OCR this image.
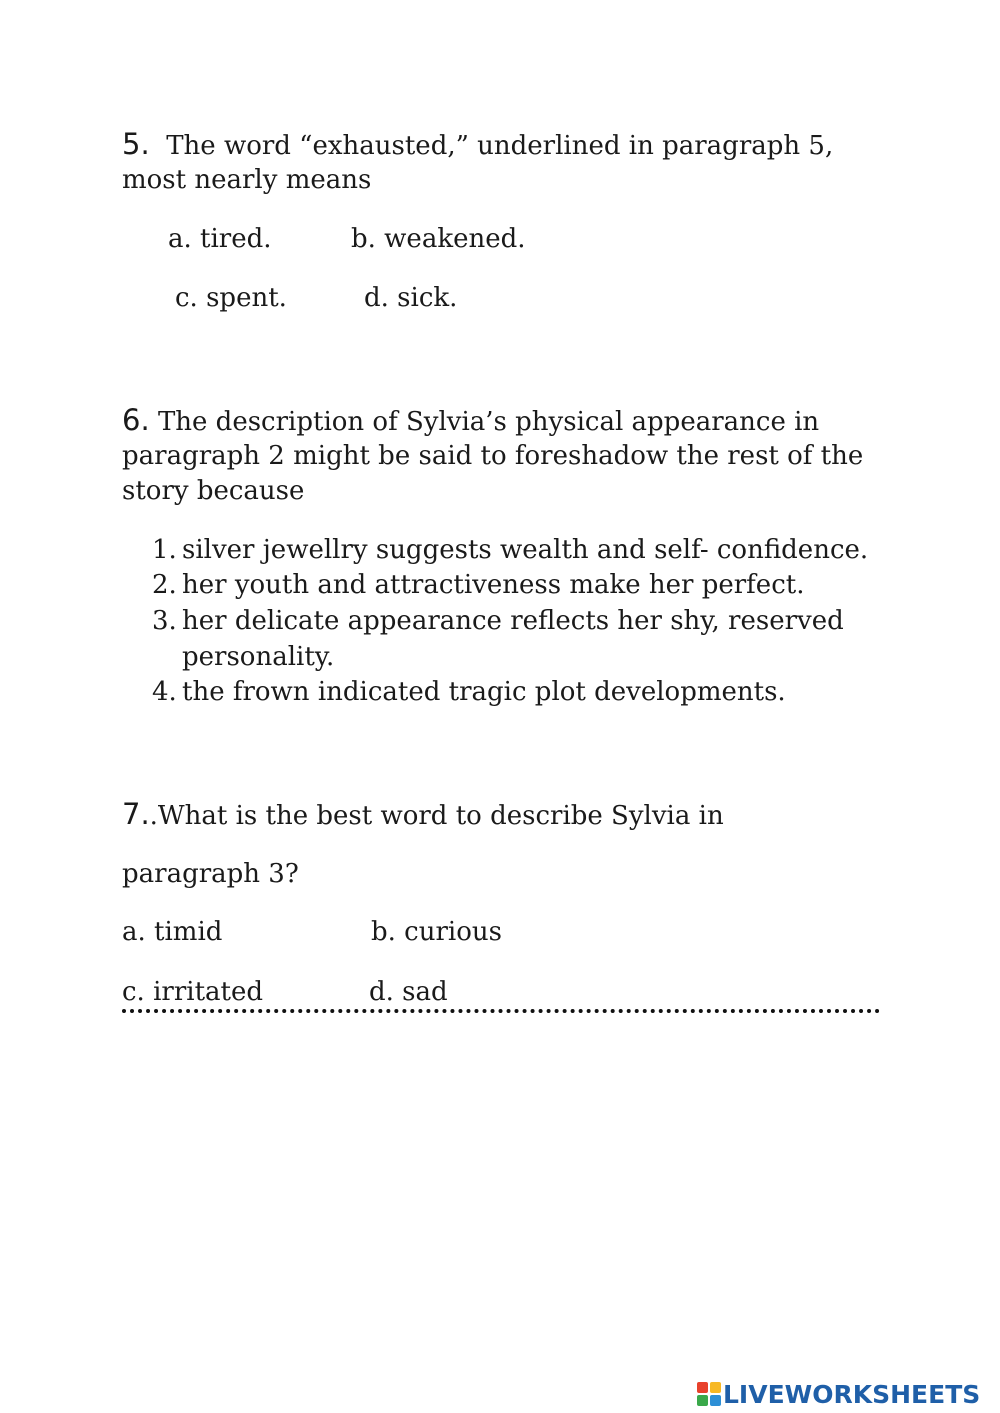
5. The word “exhausted,” underlined in paragraph 5,
most nearly means
a. tired.	b. weakened.
c. spent.	d. sick.
6. The description of Sylvia’s physical appearance in
paragraph 2 might be said to foreshadow the rest of the
story because
1. silver jewellry suggests wealth and self- confidence.
2. her youth and attractiveness make her perfect.
3. her delicate appearance reflects her shy, reserved
personality.
4. the frown indicated tragic plot developments.
7..What is the best word to describe Sylvia in
paragraph 3?
a. timid	b. curious
c. irritated	d. sad
LIVEWORKSHEETS
